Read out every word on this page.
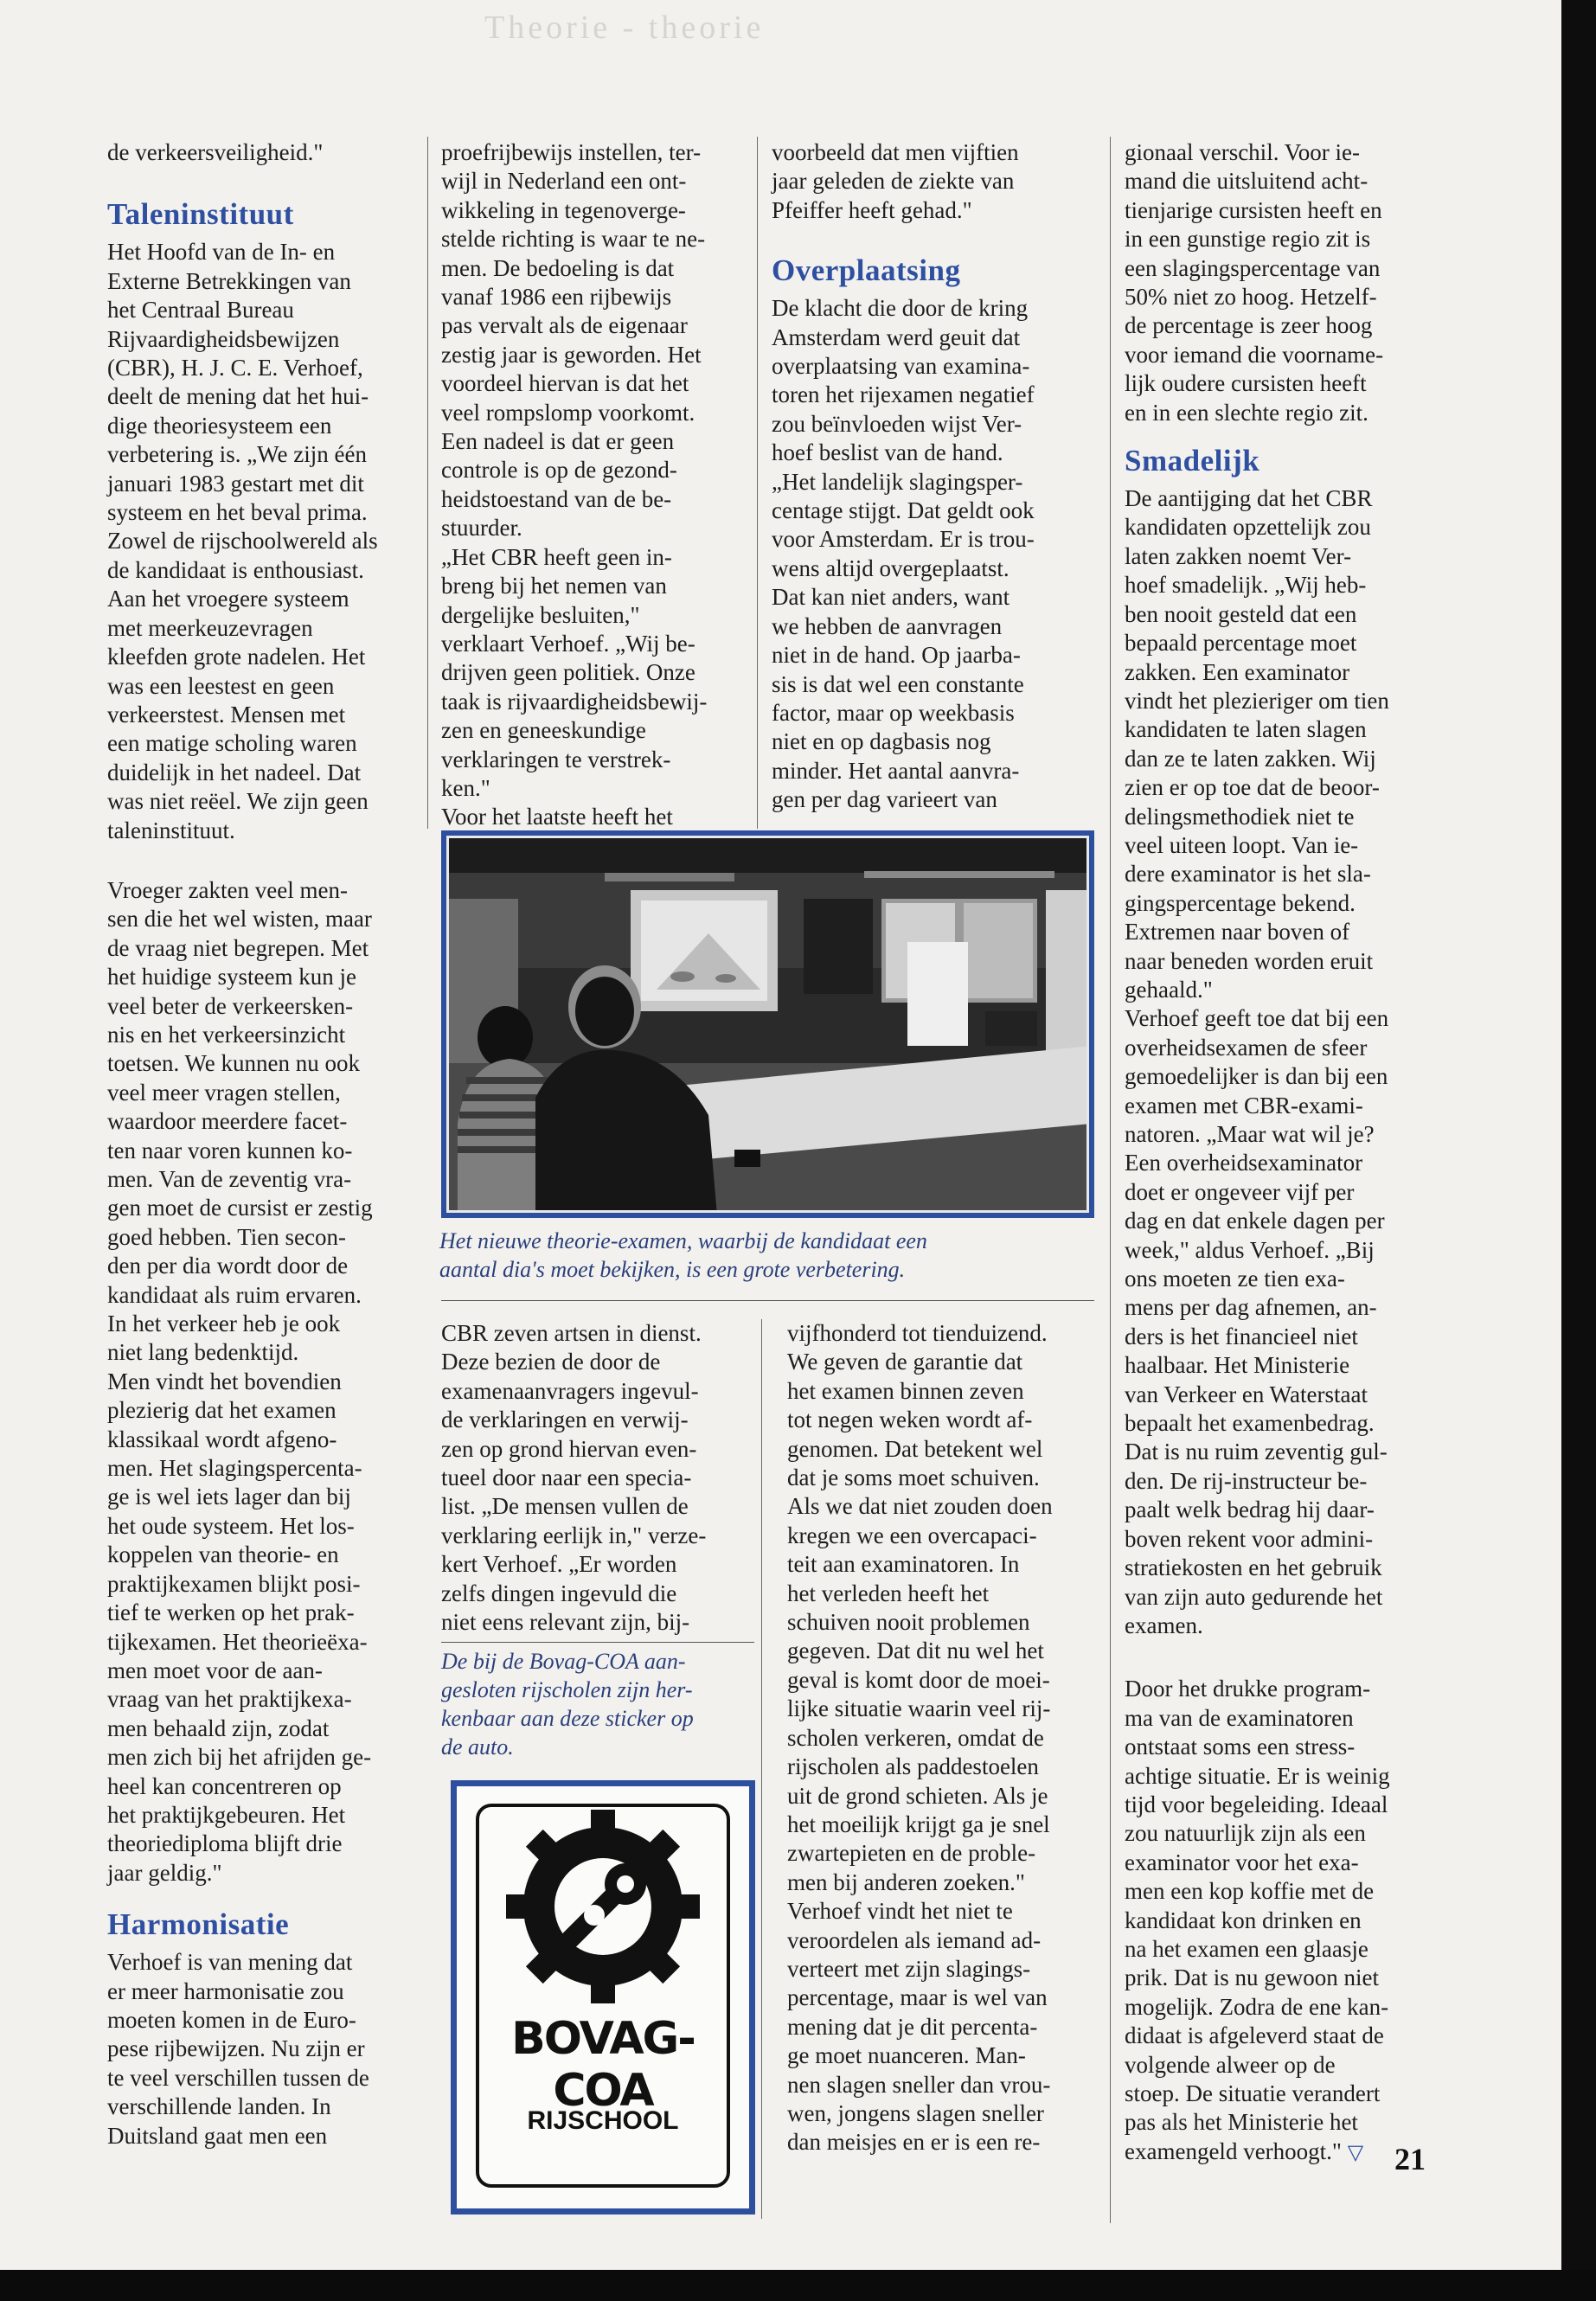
Theorie - theorie

de verkeersveiligheid."

Taleninstituut

Het Hoofd van de In- en
Externe Betrekkingen van
het Centraal Bureau
Rijvaardigheidsbewijzen
(CBR), H. J. C. E. Verhoef,
deelt de mening dat het hui-
dige theoriesysteem een
verbetering is. „We zijn één
januari 1983 gestart met dit
systeem en het beval prima.
Zowel de rijschoolwereld als
de kandidaat is enthousiast.
Aan het vroegere systeem
met meerkeuzevragen
kleefden grote nadelen. Het
was een leestest en geen
verkeerstest. Mensen met
een matige scholing waren
duidelijk in het nadeel. Dat
was niet reëel. We zijn geen
taleninstituut.

Vroeger zakten veel men-
sen die het wel wisten, maar
de vraag niet begrepen. Met
het huidige systeem kun je
veel beter de verkeersken-
nis en het verkeersinzicht
toetsen. We kunnen nu ook
veel meer vragen stellen,
waardoor meerdere facet-
ten naar voren kunnen ko-
men. Van de zeventig vra-
gen moet de cursist er zestig
goed hebben. Tien secon-
den per dia wordt door de
kandidaat als ruim ervaren.
In het verkeer heb je ook
niet lang bedenktijd.
Men vindt het bovendien
plezierig dat het examen
klassikaal wordt afgeno-
men. Het slagingspercenta-
ge is wel iets lager dan bij
het oude systeem. Het los-
koppelen van theorie- en
praktijkexamen blijkt posi-
tief te werken op het prak-
tijkexamen. Het theorieëxa-
men moet voor de aan-
vraag van het praktijkexa-
men behaald zijn, zodat
men zich bij het afrijden ge-
heel kan concentreren op
het praktijkgebeuren. Het
theoriediploma blijft drie
jaar geldig."

Harmonisatie

Verhoef is van mening dat
er meer harmonisatie zou
moeten komen in de Euro-
pese rijbewijzen. Nu zijn er
te veel verschillen tussen de
verschillende landen. In
Duitsland gaat men een

proefrijbewijs instellen, ter-
wijl in Nederland een ont-
wikkeling in tegenoverge-
stelde richting is waar te ne-
men. De bedoeling is dat
vanaf 1986 een rijbewijs
pas vervalt als de eigenaar
zestig jaar is geworden. Het
voordeel hiervan is dat het
veel rompslomp voorkomt.
Een nadeel is dat er geen
controle is op de gezond-
heidstoestand van de be-
stuurder.
„Het CBR heeft geen in-
breng bij het nemen van
dergelijke besluiten,"
verklaart Verhoef. „Wij be-
drijven geen politiek. Onze
taak is rijvaardigheidsbewij-
zen en geneeskundige
verklaringen te verstrek-
ken."
Voor het laatste heeft het

voorbeeld dat men vijftien
jaar geleden de ziekte van
Pfeiffer heeft gehad."

Overplaatsing

De klacht die door de kring
Amsterdam werd geuit dat
overplaatsing van examina-
toren het rijexamen negatief
zou beïnvloeden wijst Ver-
hoef beslist van de hand.
„Het landelijk slagingsper-
centage stijgt. Dat geldt ook
voor Amsterdam. Er is trou-
wens altijd overgeplaatst.
Dat kan niet anders, want
we hebben de aanvragen
niet in de hand. Op jaarba-
sis is dat wel een constante
factor, maar op weekbasis
niet en op dagbasis nog
minder. Het aantal aanvra-
gen per dag varieert van

Het nieuwe theorie-examen, waarbij de kandidaat een
aantal dia's moet bekijken, is een grote verbetering.

CBR zeven artsen in dienst.
Deze bezien de door de
examenaanvragers ingevul-
de verklaringen en verwij-
zen op grond hiervan even-
tueel door naar een specia-
list. „De mensen vullen de
verklaring eerlijk in," verze-
kert Verhoef. „Er worden
zelfs dingen ingevuld die
niet eens relevant zijn, bij-

De bij de Bovag-COA aan-
gesloten rijscholen zijn her-
kenbaar aan deze sticker op
de auto.
BOVAG-COA
RIJSCHOOL

vijfhonderd tot tienduizend.
We geven de garantie dat
het examen binnen zeven
tot negen weken wordt af-
genomen. Dat betekent wel
dat je soms moet schuiven.
Als we dat niet zouden doen
kregen we een overcapaci-
teit aan examinatoren. In
het verleden heeft het
schuiven nooit problemen
gegeven. Dat dit nu wel het
geval is komt door de moei-
lijke situatie waarin veel rij-
scholen verkeren, omdat de
rijscholen als paddestoelen
uit de grond schieten. Als je
het moeilijk krijgt ga je snel
zwartepieten en de proble-
men bij anderen zoeken."
Verhoef vindt het niet te
veroordelen als iemand ad-
verteert met zijn slagings-
percentage, maar is wel van
mening dat je dit percenta-
ge moet nuanceren. Man-
nen slagen sneller dan vrou-
wen, jongens slagen sneller
dan meisjes en er is een re-

gionaal verschil. Voor ie-
mand die uitsluitend acht-
tienjarige cursisten heeft en
in een gunstige regio zit is
een slagingspercentage van
50% niet zo hoog. Hetzelf-
de percentage is zeer hoog
voor iemand die voorname-
lijk oudere cursisten heeft
en in een slechte regio zit.

Smadelijk

De aantijging dat het CBR
kandidaten opzettelijk zou
laten zakken noemt Ver-
hoef smadelijk. „Wij heb-
ben nooit gesteld dat een
bepaald percentage moet
zakken. Een examinator
vindt het plezieriger om tien
kandidaten te laten slagen
dan ze te laten zakken. Wij
zien er op toe dat de beoor-
delingsmethodiek niet te
veel uiteen loopt. Van ie-
dere examinator is het sla-
gingspercentage bekend.
Extremen naar boven of
naar beneden worden eruit
gehaald."
Verhoef geeft toe dat bij een
overheidsexamen de sfeer
gemoedelijker is dan bij een
examen met CBR-exami-
natoren. „Maar wat wil je?
Een overheidsexaminator
doet er ongeveer vijf per
dag en dat enkele dagen per
week," aldus Verhoef. „Bij
ons moeten ze tien exa-
mens per dag afnemen, an-
ders is het financieel niet
haalbaar. Het Ministerie
van Verkeer en Waterstaat
bepaalt het examenbedrag.
Dat is nu ruim zeventig gul-
den. De rij-instructeur be-
paalt welk bedrag hij daar-
boven rekent voor admini-
stratiekosten en het gebruik
van zijn auto gedurende het
examen.

Door het drukke program-
ma van de examinatoren
ontstaat soms een stress-
achtige situatie. Er is weinig
tijd voor begeleiding. Ideaal
zou natuurlijk zijn als een
examinator voor het exa-
men een kop koffie met de
kandidaat kon drinken en
na het examen een glaasje
prik. Dat is nu gewoon niet
mogelijk. Zodra de ene kan-
didaat is afgeleverd staat de
volgende alweer op de
stoep. De situatie verandert
pas als het Ministerie het
examengeld verhoogt." ▽ 21
